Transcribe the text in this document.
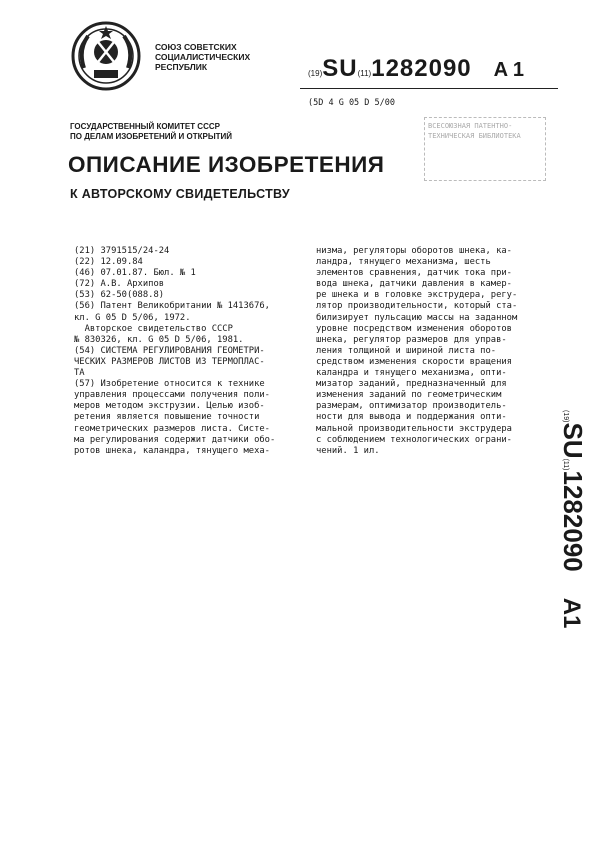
СОЮЗ СОВЕТСКИХ
СОЦИАЛИСТИЧЕСКИХ
РЕСПУБЛИК
(19)SU(11)1282090 A 1
(5D 4 G 05 D 5/00
ВСЕСОЮЗНАЯ ПАТЕНТНО-ТЕХНИЧЕСКАЯ БИБЛИОТЕКА
ГОСУДАРСТВЕННЫЙ КОМИТЕТ СССР
ПО ДЕЛАМ ИЗОБРЕТЕНИЙ И ОТКРЫТИЙ
ОПИСАНИЕ ИЗОБРЕТЕНИЯ
К АВТОРСКОМУ СВИДЕТЕЛЬСТВУ
(21) 3791515/24-24
(22) 12.09.84
(46) 07.01.87. Бюл. № 1
(72) А.В. Архипов
(53) 62-50(088.8)
(56) Патент Великобритании № 1413676,
кл. G 05 D 5/06, 1972.
Авторское свидетельство СССР
№ 830326, кл. G 05 D 5/06, 1981.
(54) СИСТЕМА РЕГУЛИРОВАНИЯ ГЕОМЕТРИ-
ЧЕСКИХ РАЗМЕРОВ ЛИСТОВ ИЗ ТЕРМОПЛАС-
ТА
(57) Изобретение относится к технике
управления процессами получения поли-
меров методом экструзии. Целью изоб-
ретения является повышение точности
геометрических размеров листа. Систе-
ма регулирования содержит датчики обо-
ротов шнека, каландра, тянущего меха-
низма, регуляторы оборотов шнека, ка-
ландра, тянущего механизма, шесть
элементов сравнения, датчик тока при-
вода шнека, датчики давления в камер-
ре шнека и в головке экструдера, регу-
лятор производительности, который ста-
билизирует пульсацию массы на заданном
уровне посредством изменения оборотов
шнека, регулятор размеров для управ-
ления толщиной и шириной листа по-
средством изменения скорости вращения
каландра и тянущего механизма, опти-
мизатор заданий, предназначенный для
изменения заданий по геометрическим
размерам, оптимизатор производитель-
ности для вывода и поддержания опти-
мальной производительности экструдера
с соблюдением технологических ограни-
чений. 1 ил.
(19)SU(11)1282090A1
